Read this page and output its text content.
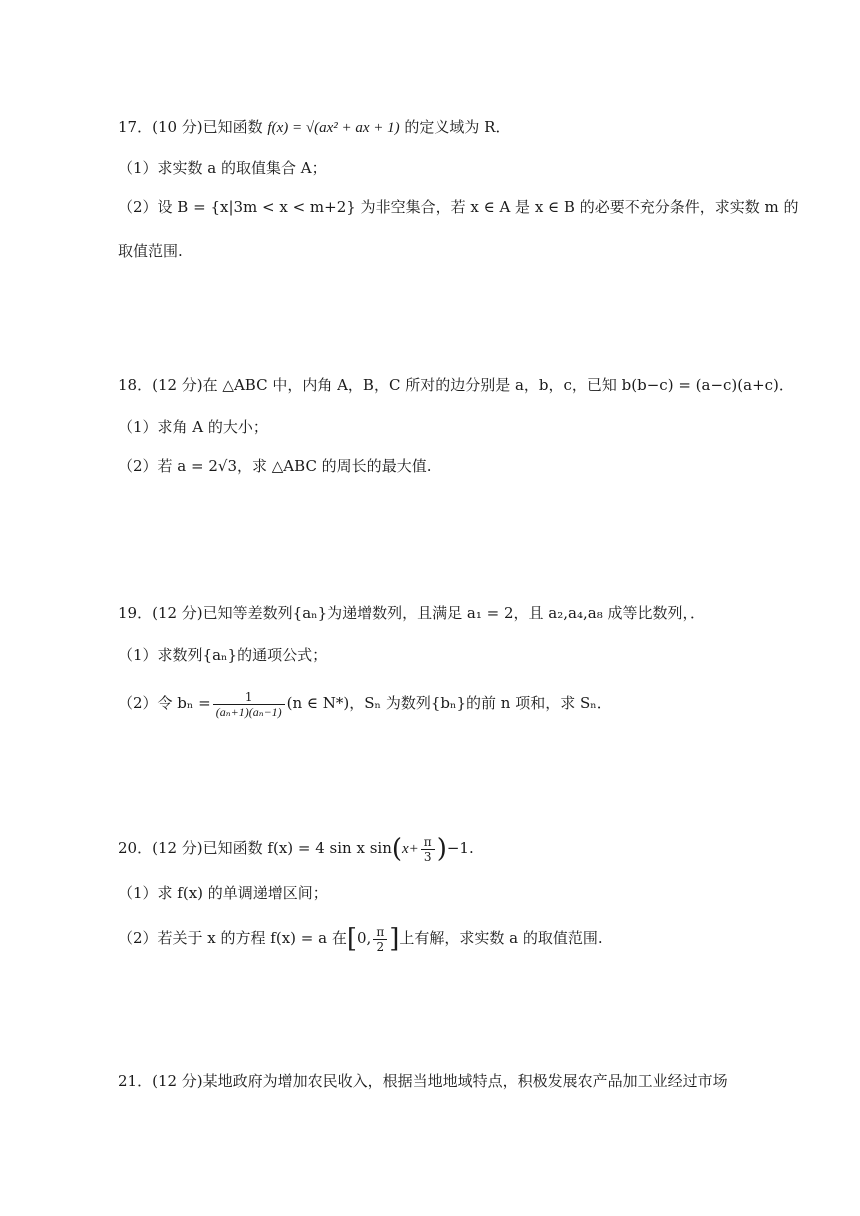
17．(10 分)已知函数 f(x) = √(ax² + ax + 1) 的定义域为 R．
（1）求实数 a 的取值集合 A；
（2）设 B = {x|3m < x < m+2} 为非空集合，若 x ∈ A 是 x ∈ B 的必要不充分条件，求实数 m 的
取值范围.
18．(12 分)在 △ABC 中，内角 A，B，C 所对的边分别是 a，b，c，已知 b(b−c) = (a−c)(a+c)．
（1）求角 A 的大小；
（2）若 a = 2√3，求 △ABC 的周长的最大值.
19．(12 分)已知等差数列{aₙ}为递增数列，且满足 a₁ = 2，且 a₂,a₄,a₈ 成等比数列，．
（1）求数列{aₙ}的通项公式；
（2）令 $b_n = \frac{1}{\text{(aₙ+1)(aₙ−1)}} (n$ ∈ N*)，Sₙ 为数列{bₙ}的前 n 项和，求 Sₙ．
20．(12 分)已知函数 f(x) = 4 sin x $\sin(x+ \frac{\pi}{3} )-1$.
（1）求 f(x) 的单调递增区间；
（2）若关于 x 的方程 f(x) = a 在[0, $\frac{\pi}{2}$ ]上有解，求实数 a 的取值范围.
21．(12 分)某地政府为增加农民收入，根据当地地域特点，积极发展农产品加工业经过市场
